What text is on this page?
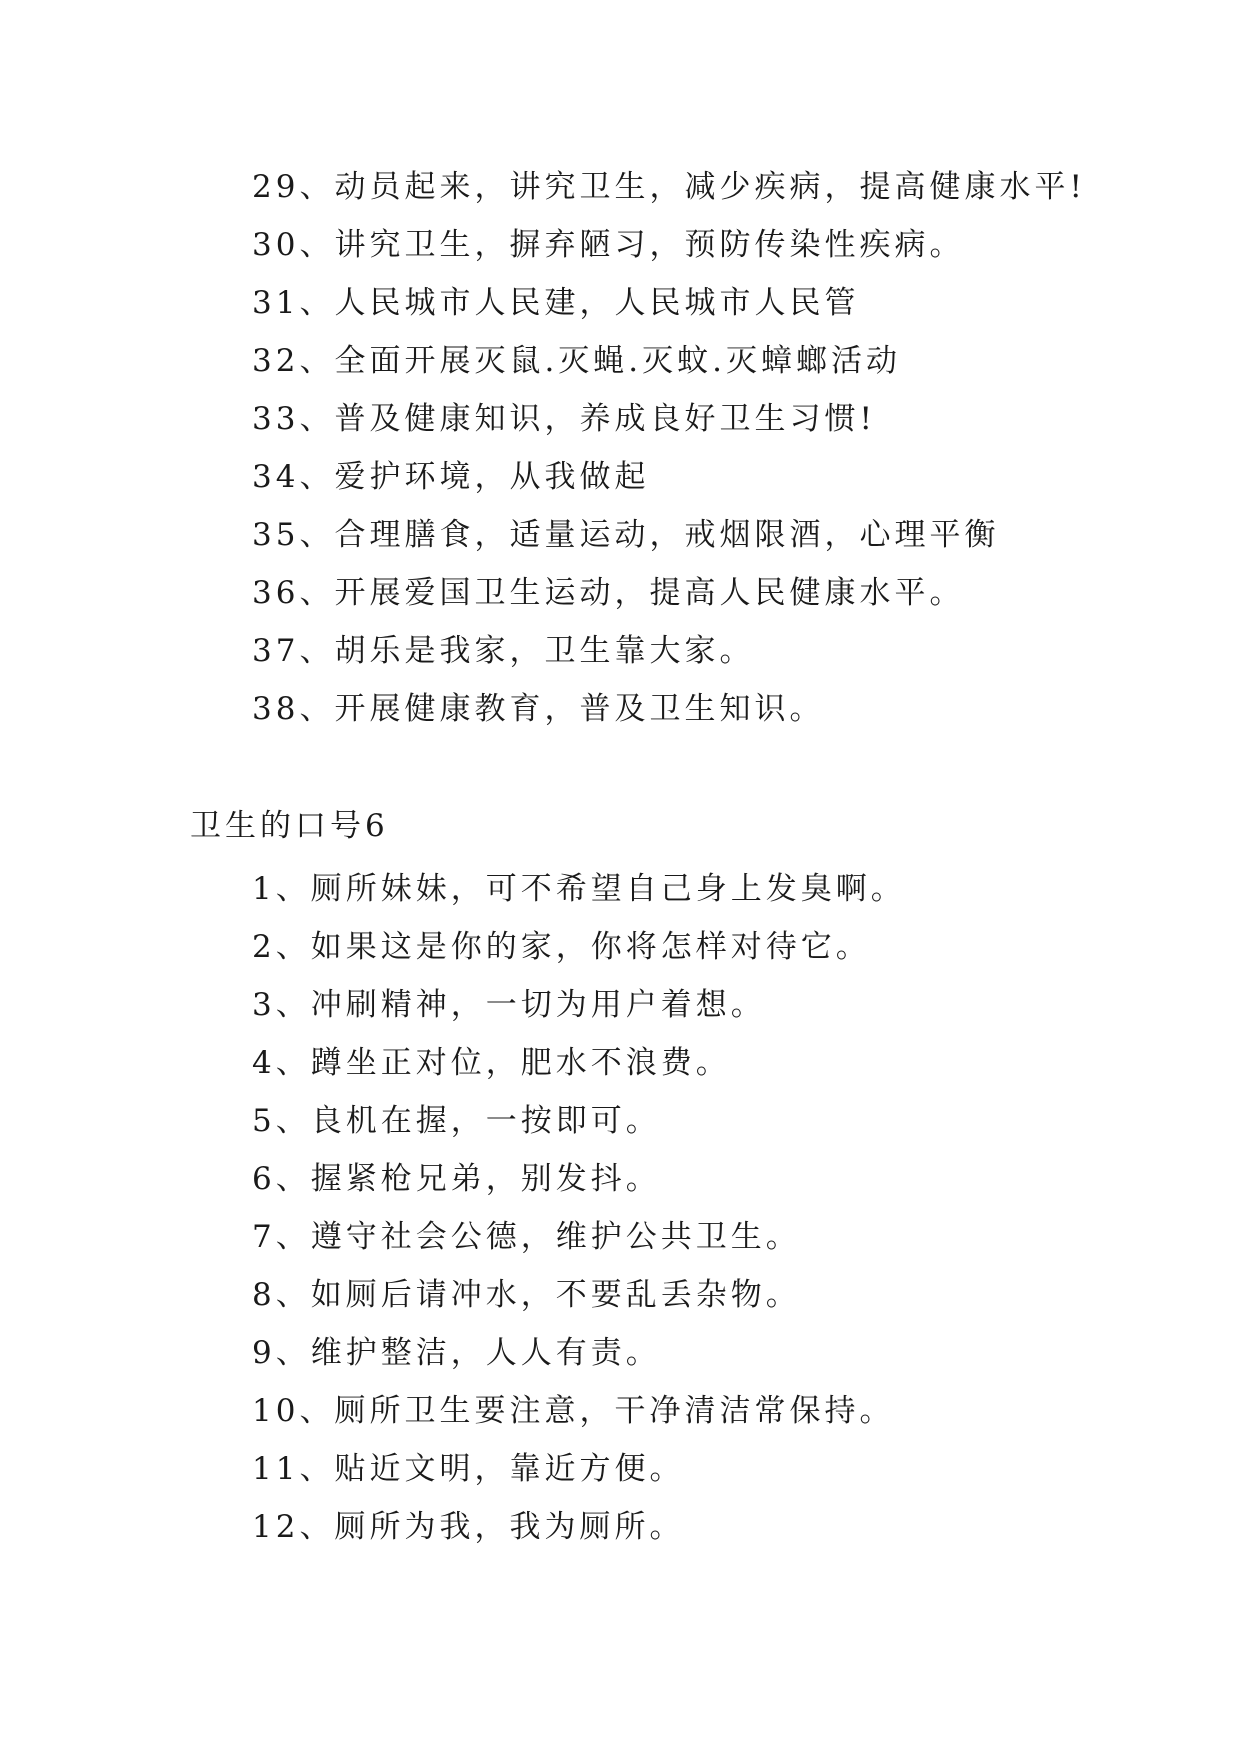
29、动员起来，讲究卫生，减少疾病，提高健康水平!
30、讲究卫生，摒弃陋习，预防传染性疾病。
31、人民城市人民建，人民城市人民管
32、全面开展灭鼠.灭蝇.灭蚊.灭蟑螂活动
33、普及健康知识，养成良好卫生习惯!
34、爱护环境，从我做起
35、合理膳食，适量运动，戒烟限酒，心理平衡
36、开展爱国卫生运动，提高人民健康水平。
37、胡乐是我家，卫生靠大家。
38、开展健康教育，普及卫生知识。
卫生的口号6
1、厕所妹妹，可不希望自己身上发臭啊。
2、如果这是你的家，你将怎样对待它。
3、冲刷精神，一切为用户着想。
4、蹲坐正对位，肥水不浪费。
5、良机在握，一按即可。
6、握紧枪兄弟，别发抖。
7、遵守社会公德，维护公共卫生。
8、如厕后请冲水，不要乱丢杂物。
9、维护整洁，人人有责。
10、厕所卫生要注意，干净清洁常保持。
11、贴近文明，靠近方便。
12、厕所为我，我为厕所。
